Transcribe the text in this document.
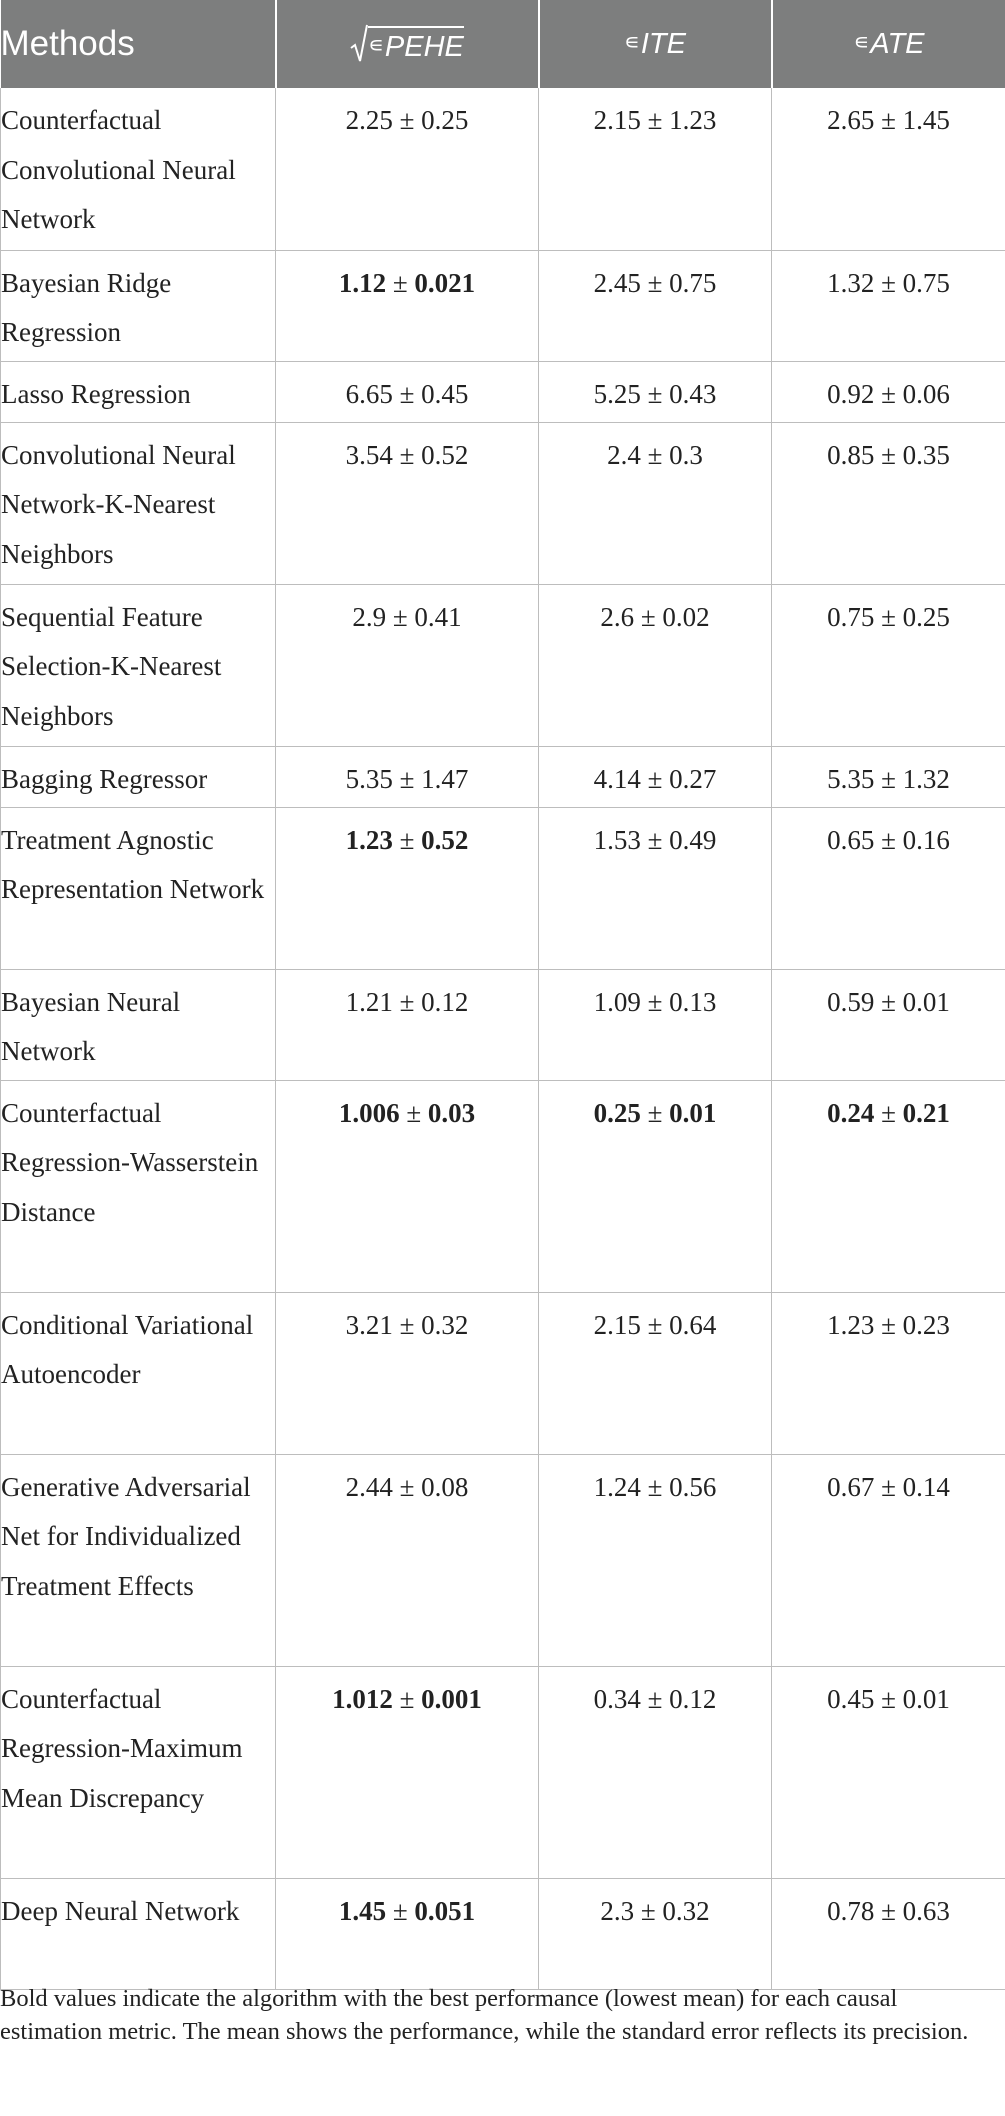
Methods	∊PEHE	∊ITE	∊ATE
Counterfactual Convolutional Neural Network	2.25 ± 0.25	2.15 ± 1.23	2.65 ± 1.45
Bayesian Ridge Regression	1.12 ± 0.021	2.45 ± 0.75	1.32 ± 0.75
Lasso Regression	6.65 ± 0.45	5.25 ± 0.43	0.92 ± 0.06
Convolutional Neural Network-K-Nearest Neighbors	3.54 ± 0.52	2.4 ± 0.3	0.85 ± 0.35
Sequential Feature Selection-K-Nearest Neighbors	2.9 ± 0.41	2.6 ± 0.02	0.75 ± 0.25
Bagging Regressor	5.35 ± 1.47	4.14 ± 0.27	5.35 ± 1.32
Treatment Agnostic Representation Network	1.23 ± 0.52	1.53 ± 0.49	0.65 ± 0.16
Bayesian Neural Network	1.21 ± 0.12	1.09 ± 0.13	0.59 ± 0.01
Counterfactual Regression-Wasserstein Distance	1.006 ± 0.03	0.25 ± 0.01	0.24 ± 0.21
Conditional Variational Autoencoder	3.21 ± 0.32	2.15 ± 0.64	1.23 ± 0.23
Generative Adversarial Net for Individualized Treatment Effects	2.44 ± 0.08	1.24 ± 0.56	0.67 ± 0.14
Counterfactual Regression-Maximum Mean Discrepancy	1.012 ± 0.001	0.34 ± 0.12	0.45 ± 0.01
Deep Neural Network	1.45 ± 0.051	2.3 ± 0.32	0.78 ± 0.63
Bold values indicate the algorithm with the best performance (lowest mean) for each causal estimation metric. The mean shows the performance, while the standard error reflects its precision.
